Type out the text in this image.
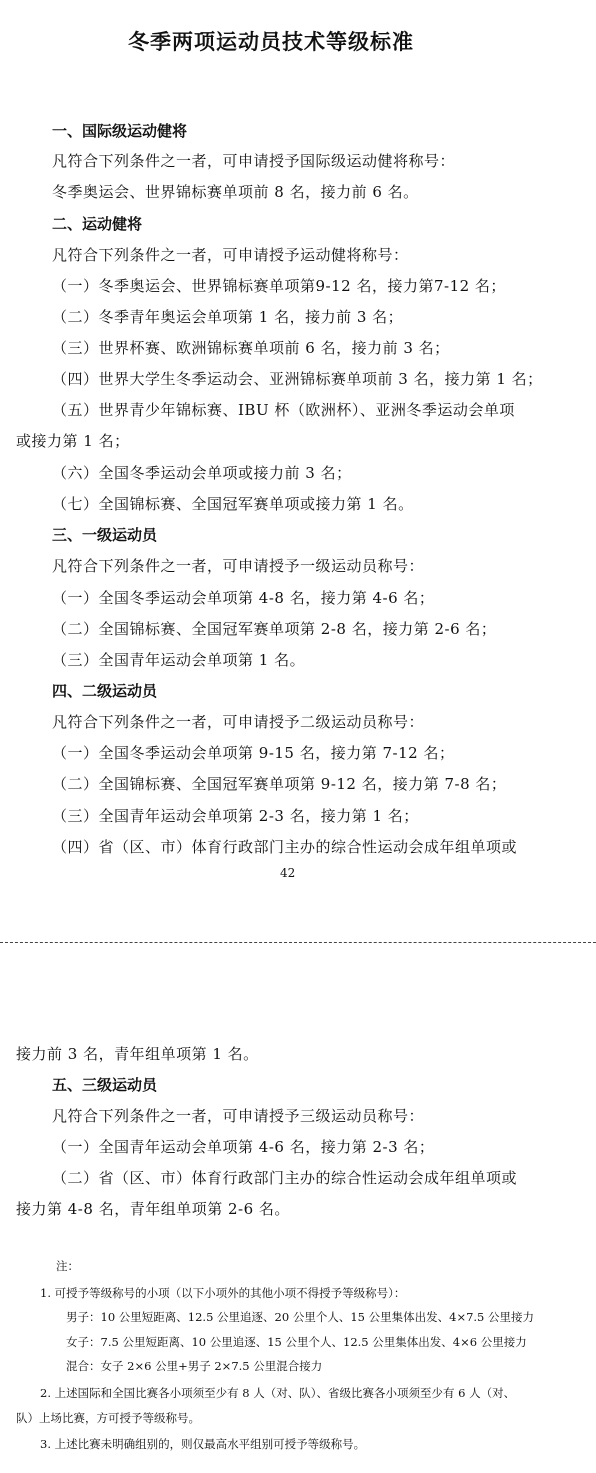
冬季两项运动员技术等级标准
一、国际级运动健将
凡符合下列条件之一者，可申请授予国际级运动健将称号：
冬季奥运会、世界锦标赛单项前 8 名，接力前 6 名。
二、运动健将
凡符合下列条件之一者，可申请授予运动健将称号：
（一）冬季奥运会、世界锦标赛单项第9-12 名，接力第7-12 名；
（二）冬季青年奥运会单项第 1 名，接力前 3 名；
（三）世界杯赛、欧洲锦标赛单项前 6 名，接力前 3 名；
（四）世界大学生冬季运动会、亚洲锦标赛单项前 3 名，接力第 1 名；
（五）世界青少年锦标赛、IBU 杯（欧洲杯）、亚洲冬季运动会单项
或接力第 1 名；
（六）全国冬季运动会单项或接力前 3 名；
（七）全国锦标赛、全国冠军赛单项或接力第 1 名。
三、一级运动员
凡符合下列条件之一者，可申请授予一级运动员称号：
（一）全国冬季运动会单项第 4-8 名，接力第 4-6 名；
（二）全国锦标赛、全国冠军赛单项第 2-8 名，接力第 2-6 名；
（三）全国青年运动会单项第 1 名。
四、二级运动员
凡符合下列条件之一者，可申请授予二级运动员称号：
（一）全国冬季运动会单项第 9-15 名，接力第 7-12 名；
（二）全国锦标赛、全国冠军赛单项第 9-12 名，接力第 7-8 名；
（三）全国青年运动会单项第 2-3 名，接力第 1 名；
（四）省（区、市）体育行政部门主办的综合性运动会成年组单项或
42
接力前 3 名，青年组单项第 1 名。
五、三级运动员
凡符合下列条件之一者，可申请授予三级运动员称号：
（一）全国青年运动会单项第 4-6 名，接力第 2-3 名；
（二）省（区、市）体育行政部门主办的综合性运动会成年组单项或
接力第 4-8 名，青年组单项第 2-6 名。
注：
1. 可授予等级称号的小项（以下小项外的其他小项不得授予等级称号）：
男子：10 公里短距离、12.5 公里追逐、20 公里个人、15 公里集体出发、4×7.5 公里接力
女子：7.5 公里短距离、10 公里追逐、15 公里个人、12.5 公里集体出发、4×6 公里接力
混合：女子 2×6 公里+男子 2×7.5 公里混合接力
2. 上述国际和全国比赛各小项须至少有 8 人（对、队）、省级比赛各小项须至少有 6 人（对、
队）上场比赛，方可授予等级称号。
3. 上述比赛未明确组别的，则仅最高水平组别可授予等级称号。
